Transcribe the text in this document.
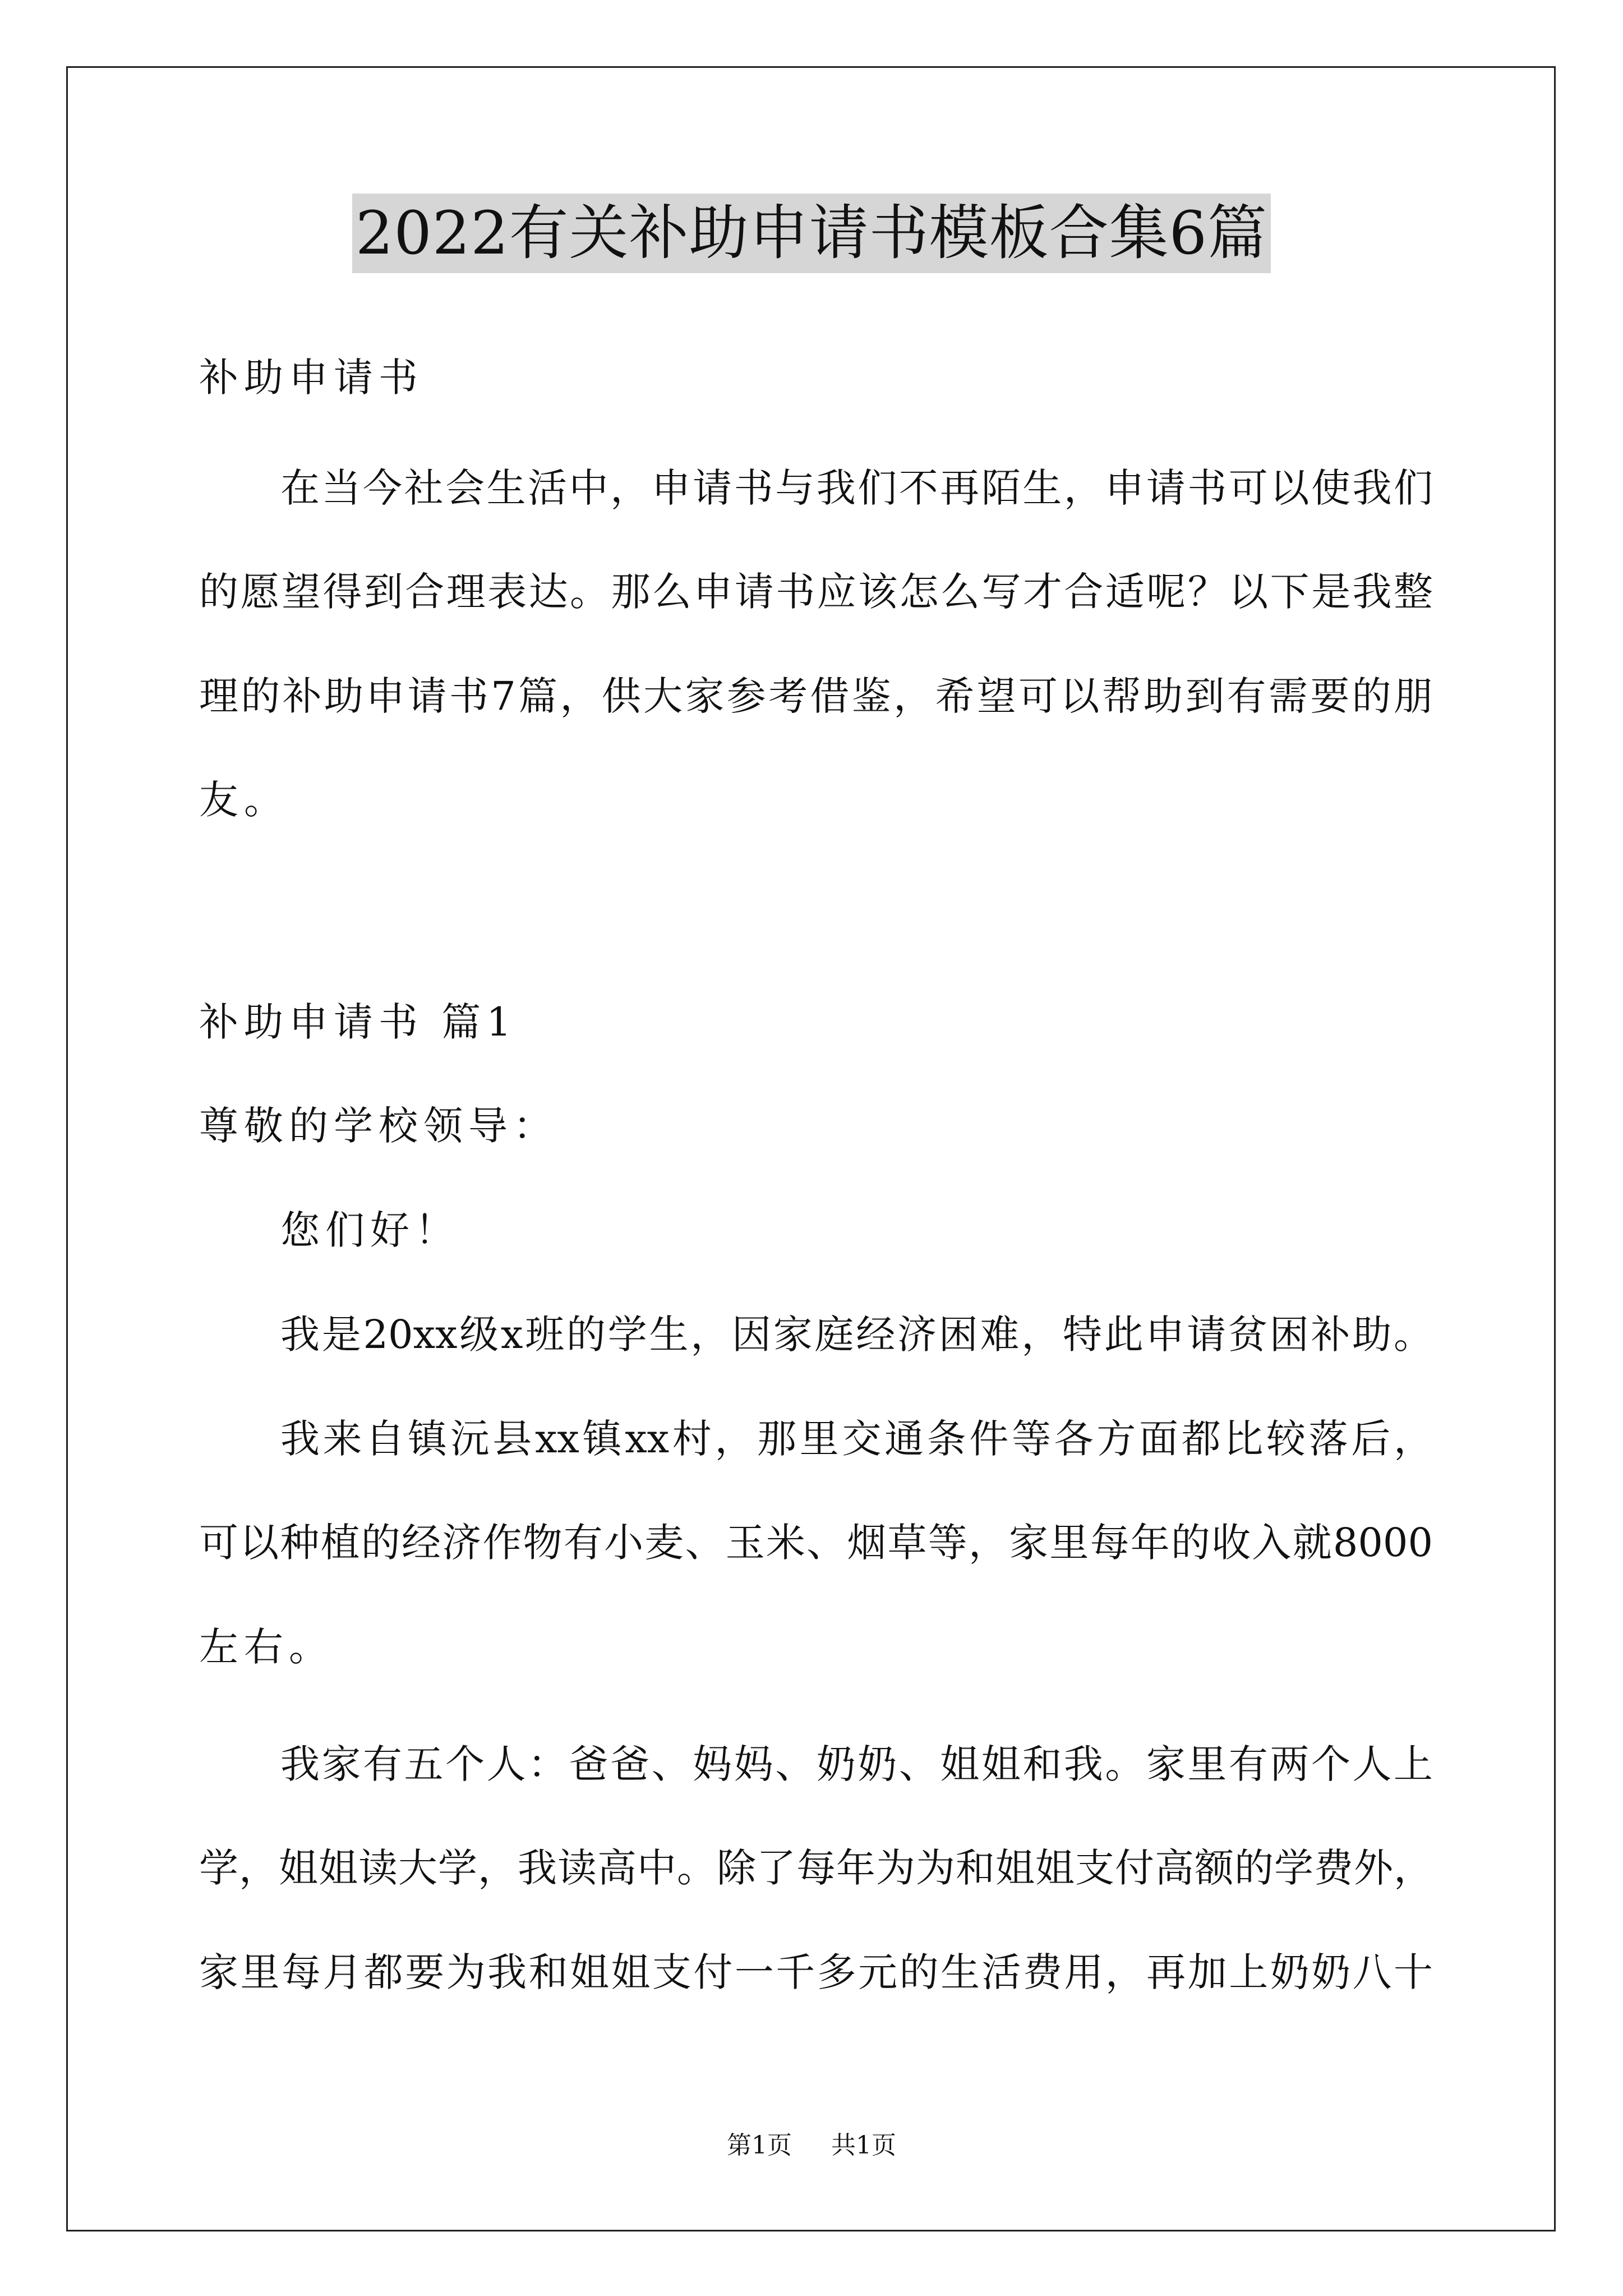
2022有关补助申请书模板合集6篇
补助申请书
在当今社会生活中，申请书与我们不再陌生，申请书可以使我们
的愿望得到合理表达。那么申请书应该怎么写才合适呢？以下是我整
理的补助申请书7篇，供大家参考借鉴，希望可以帮助到有需要的朋
友。
补助申请书 篇1
尊敬的学校领导：
您们好！
我是20xx级x班的学生，因家庭经济困难，特此申请贫困补助。
我来自镇沅县xx镇xx村，那里交通条件等各方面都比较落后，
可以种植的经济作物有小麦、玉米、烟草等，家里每年的收入就8000
左右。
我家有五个人：爸爸、妈妈、奶奶、姐姐和我。家里有两个人上
学，姐姐读大学，我读高中。除了每年为为和姐姐支付高额的学费外，
家里每月都要为我和姐姐支付一千多元的生活费用，再加上奶奶八十
第1页 共1页
